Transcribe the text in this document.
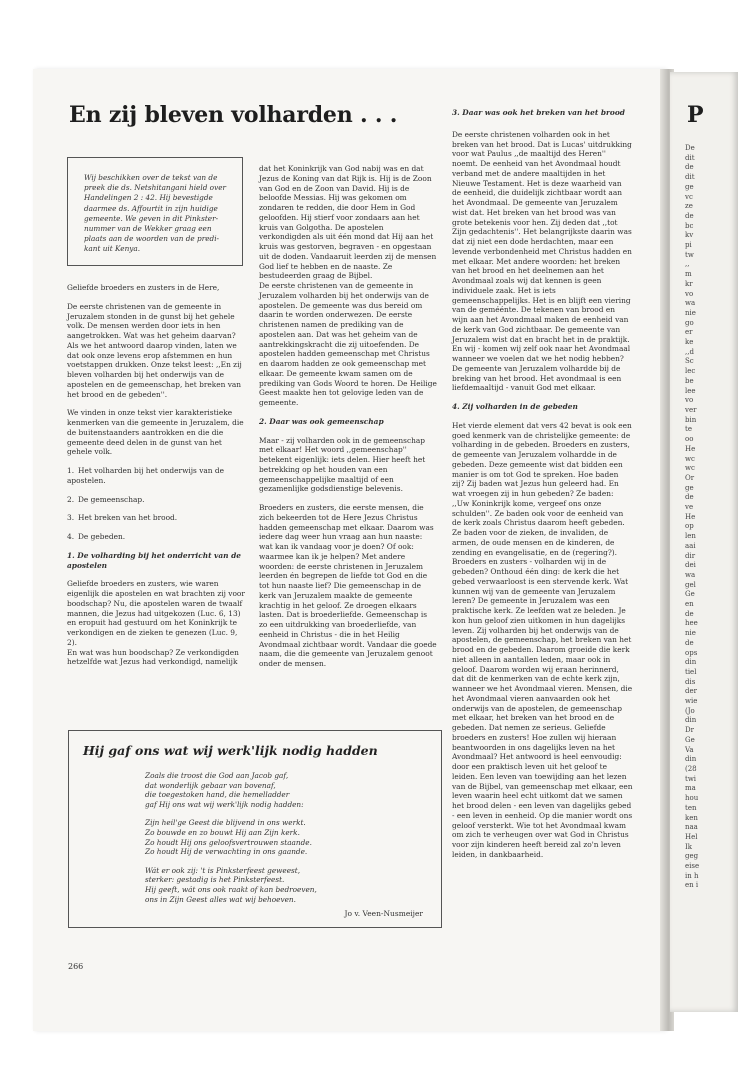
P
De
dit
de
dit
ge
vc
ze
de
bc
kv
pi
tw
,,
m
kr
vo
wa
nie
go
er
ke
,,d
Sc
lec
be
lee
vo
ver
bin
te
oo
He
wc
wc
Or
ge
de
ve
He
op
len
aai
dir
dei
wa
gel
Ge
en
de
hee
nie
de
ops
din
tiel
dis
der
wie
(Jo
din
Dr
Ge
Va
din
(28
twi
ma
hou
ten
ken
naa
Hel
Ik
geg
eise
in h
en i
En zij bleven volharden . . .
Wij beschikken over de tekst van de
preek die ds. Netshitangani hield over
Handelingen 2 : 42. Hij bevestigde
daarmee ds. Affourtit in zijn huidige
gemeente. We geven in dit Pinkster-
nummer van de Wekker graag een
plaats aan de woorden van de predi-
kant uit Kenya.

Geliefde broeders en zusters in de Here,

De eerste christenen van de gemeente in Jeruzalem stonden in de gunst bij het gehele volk. De mensen werden door iets in hen aangetrokken. Wat was het geheim daarvan? Als we het antwoord daarop vinden, laten we dat ook onze levens erop afstemmen en hun voetstappen drukken. Onze tekst leest: ,,En zij bleven volharden bij het onderwijs van de apostelen en de gemeenschap, het breken van het brood en de gebeden''.

We vinden in onze tekst vier karakteristieke kenmerken van die gemeente in Jeruzalem, die de buitenstaanders aantrokken en die die gemeente deed delen in de gunst van het gehele volk.

1. Het volharden bij het onderwijs van de apostelen.
2. De gemeenschap.
3. Het breken van het brood.
4. De gebeden.

1. De volharding bij het onderricht van de apostelen

Geliefde broeders en zusters, wie waren eigenlijk die apostelen en wat brachten zij voor boodschap? Nu, die apostelen waren de twaalf mannen, die Jezus had uitgekozen (Luc. 6, 13) en eropuit had gestuurd om het Koninkrijk te verkondigen en de zieken te genezen (Luc. 9, 2).

En wat was hun boodschap? Ze verkondigden hetzelfde wat Jezus had verkondigd, namelijk

dat het Koninkrijk van God nabij was en dat Jezus de Koning van dat Rijk is. Hij is de Zoon van God en de Zoon van David. Hij is de beloofde Messias. Hij was gekomen om zondaren te redden, die door Hem in God geloofden. Hij stierf voor zondaars aan het kruis van Golgotha. De apostelen verkondigden als uit één mond dat Hij aan het kruis was gestorven, begraven - en opgestaan uit de doden. Vandaaruit leerden zij de mensen God lief te hebben en de naaste. Ze bestudeerden graag de Bijbel.

De eerste christenen van de gemeente in Jeruzalem volharden bij het onderwijs van de apostelen. De gemeente was dus bereid om daarin te worden onderwezen. De eerste christenen namen de prediking van de apostelen aan. Dat was het geheim van de aantrekkingskracht die zij uitoefenden. De apostelen hadden gemeenschap met Christus en daarom hadden ze ook gemeenschap met elkaar. De gemeente kwam samen om de prediking van Gods Woord te horen. De Heilige Geest maakte hen tot gelovige leden van de gemeente.

2. Daar was ook gemeenschap

Maar - zij volharden ook in de gemeenschap met elkaar! Het woord ,,gemeenschap'' betekent eigenlijk: iets delen. Hier heeft het betrekking op het houden van een gemeenschappelijke maaltijd of een gezamenlijke godsdienstige belevenis.

Broeders en zusters, die eerste mensen, die zich bekeerden tot de Here Jezus Christus hadden gemeenschap met elkaar. Daarom was iedere dag weer hun vraag aan hun naaste: wat kan ik vandaag voor je doen? Of ook: waarmee kan ik je helpen? Met andere woorden: de eerste christenen in Jeruzalem leerden én begrepen de liefde tot God en die tot hun naaste lief? Die gemeenschap in de kerk van Jeruzalem maakte de gemeente krachtig in het geloof. Ze droegen elkaars lasten. Dat is broederliefde. Gemeenschap is zo een uitdrukking van broederliefde, van eenheid in Christus - die in het Heilig Avondmaal zichtbaar wordt. Vandaar die goede naam, die die gemeente van Jeruzalem genoot onder de mensen.

3. Daar was ook het breken van het brood

De eerste christenen volharden ook in het breken van het brood. Dat is Lucas' uitdrukking voor wat Paulus ,,de maaltijd des Heren'' noemt. De eenheid van het Avondmaal houdt verband met de andere maaltijden in het Nieuwe Testament. Het is deze waarheid van de eenheid, die duidelijk zichtbaar wordt aan het Avondmaal. De gemeente van Jeruzalem wist dat. Het breken van het brood was van grote betekenis voor hen. Zij deden dat ,,tot Zijn gedachtenis''. Het belangrijkste daarin was dat zij niet een dode herdachten, maar een levende verbondenheid met Christus hadden en met elkaar. Met andere woorden: het breken van het brood en het deelnemen aan het Avondmaal zoals wij dat kennen is geen individuele zaak. Het is iets gemeenschappelijks. Het is en blijft een viering van de geméénte. De tekenen van brood en wijn aan het Avondmaal maken de eenheid van de kerk van God zichtbaar. De gemeente van Jeruzalem wist dat en bracht het in de praktijk. En wij - komen wij zelf ook naar het Avondmaal wanneer we voelen dat we het nodig hebben? De gemeente van Jeruzalem volhardde bij de breking van het brood. Het avondmaal is een liefdemaaltijd - vanuit God met elkaar.

4. Zij volharden in de gebeden

Het vierde element dat vers 42 bevat is ook een goed kenmerk van de christelijke gemeente: de volharding in de gebeden. Broeders en zusters, de gemeente van Jeruzalem volhardde in de gebeden. Deze gemeente wist dat bidden een manier is om tot God te spreken. Hoe baden zij? Zij baden wat Jezus hun geleerd had. En wat vroegen zij in hun gebeden? Ze baden: ,,Uw Koninkrijk kome, vergeef ons onze schulden''. Ze baden ook voor de eenheid van de kerk zoals Christus daarom heeft gebeden. Ze baden voor de zieken, de invaliden, de armen, de oude mensen en de kinderen, de zending en evangelisatie, en de (regering?). Broeders en zusters - volharden wij in de gebeden? Onthoud één ding: de kerk die het gebed verwaarloost is een stervende kerk. Wat kunnen wij van de gemeente van Jeruzalem leren? De gemeente in Jeruzalem was een praktische kerk. Ze leefden wat ze beleden. Je kon hun geloof zien uitkomen in hun dagelijks leven. Zij volharden bij het onderwijs van de apostelen, de gemeenschap, het breken van het brood en de gebeden. Daarom groeide die kerk niet alleen in aantallen leden, maar ook in geloof. Daarom worden wij eraan herinnerd, dat dit de kenmerken van de echte kerk zijn, wanneer we het Avondmaal vieren. Mensen, die het Avondmaal vieren aanvaarden ook het onderwijs van de apostelen, de gemeenschap met elkaar, het breken van het brood en de gebeden. Dat nemen ze serieus. Geliefde broeders en zusters! Hoe zullen wij hieraan beantwoorden in ons dagelijks leven na het Avondmaal? Het antwoord is heel eenvoudig: door een praktisch leven uit het geloof te leiden. Een leven van toewijding aan het lezen van de Bijbel, van gemeenschap met elkaar, een leven waarin heel echt uitkomt dat we samen het brood delen - een leven van dagelijks gebed - een leven in eenheid. Op die manier wordt ons geloof versterkt. Wie tot het Avondmaal kwam om zich te verheugen over wat God in Christus voor zijn kinderen heeft bereid zal zo'n leven leiden, in dankbaarheid.

Hij gaf ons wat wij werk'lijk nodig hadden
Zoals die troost die God aan Jacob gaf,
dat wonderlijk gebaar van bovenaf,
die toegestoken hand, die hemelladder
gaf Hij ons wat wij werk'lijk nodig hadden:
Zijn heil'ge Geest die blijvend in ons werkt.
Zo bouwde en zo bouwt Hij aan Zijn kerk.
Zo houdt Hij ons geloofsvertrouwen staande.
Zo houdt Hij de verwachting in ons gaande.
Wát er ook zij: 't is Pinksterfeest geweest,
sterker: gestadig is het Pinksterfeest.
Hij geeft, wát ons ook raakt of kan bedroeven,
ons in Zijn Geest alles wat wij behoeven.
Jo v. Veen-Nusmeijer
266
